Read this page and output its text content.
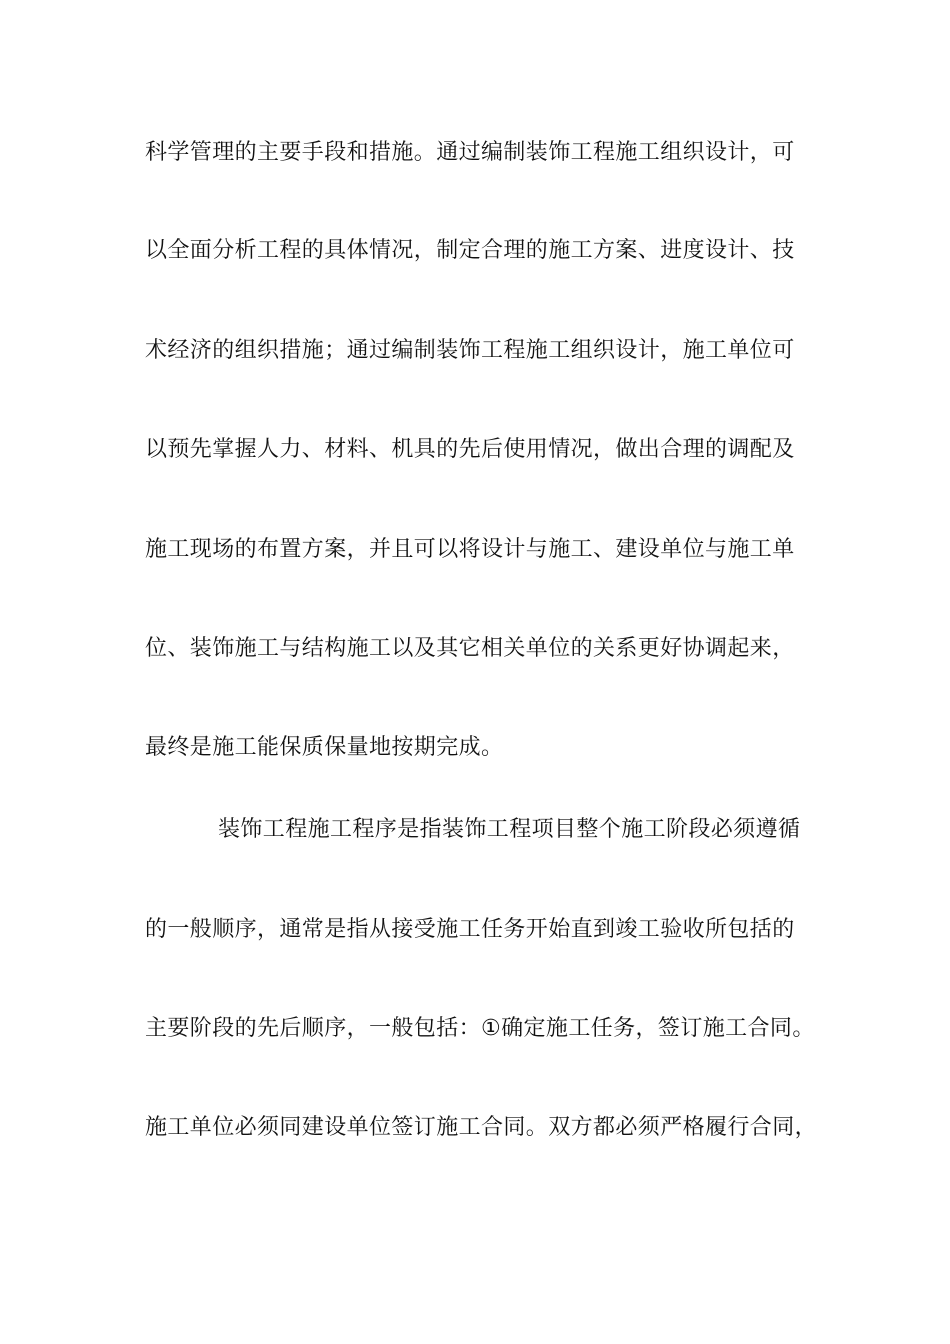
科学管理的主要手段和措施。通过编制装饰工程施工组织设计，可
以全面分析工程的具体情况，制定合理的施工方案、进度设计、技
术经济的组织措施；通过编制装饰工程施工组织设计，施工单位可
以预先掌握人力、材料、机具的先后使用情况，做出合理的调配及
施工现场的布置方案，并且可以将设计与施工、建设单位与施工单
位、装饰施工与结构施工以及其它相关单位的关系更好协调起来，
最终是施工能保质保量地按期完成。
装饰工程施工程序是指装饰工程项目整个施工阶段必须遵循
的一般顺序，通常是指从接受施工任务开始直到竣工验收所包括的
主要阶段的先后顺序，一般包括：①确定施工任务，签订施工合同。
施工单位必须同建设单位签订施工合同。双方都必须严格履行合同，
